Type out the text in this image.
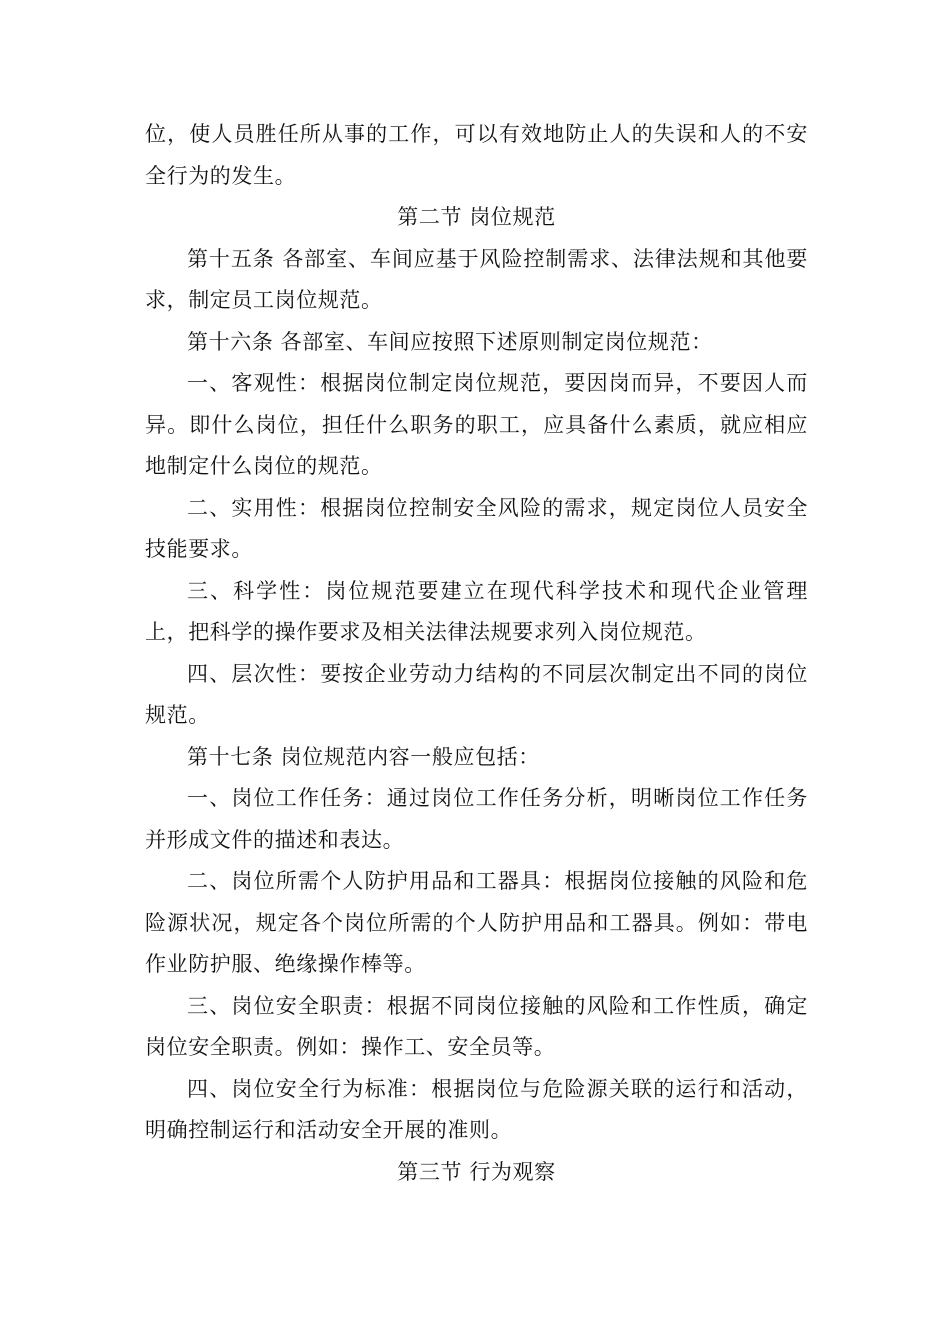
位，使人员胜任所从事的工作，可以有效地防止人的失误和人的不安全行为的发生。

第二节 岗位规范

第十五条 各部室、车间应基于风险控制需求、法律法规和其他要求，制定员工岗位规范。

第十六条 各部室、车间应按照下述原则制定岗位规范：

一、客观性：根据岗位制定岗位规范，要因岗而异，不要因人而异。即什么岗位，担任什么职务的职工，应具备什么素质，就应相应地制定什么岗位的规范。

二、实用性：根据岗位控制安全风险的需求，规定岗位人员安全技能要求。

三、科学性：岗位规范要建立在现代科学技术和现代企业管理上，把科学的操作要求及相关法律法规要求列入岗位规范。

四、层次性：要按企业劳动力结构的不同层次制定出不同的岗位规范。

第十七条 岗位规范内容一般应包括：

一、岗位工作任务：通过岗位工作任务分析，明晰岗位工作任务并形成文件的描述和表达。

二、岗位所需个人防护用品和工器具：根据岗位接触的风险和危险源状况，规定各个岗位所需的个人防护用品和工器具。例如：带电作业防护服、绝缘操作棒等。

三、岗位安全职责：根据不同岗位接触的风险和工作性质，确定岗位安全职责。例如：操作工、安全员等。

四、岗位安全行为标准：根据岗位与危险源关联的运行和活动，明确控制运行和活动安全开展的准则。

第三节 行为观察
